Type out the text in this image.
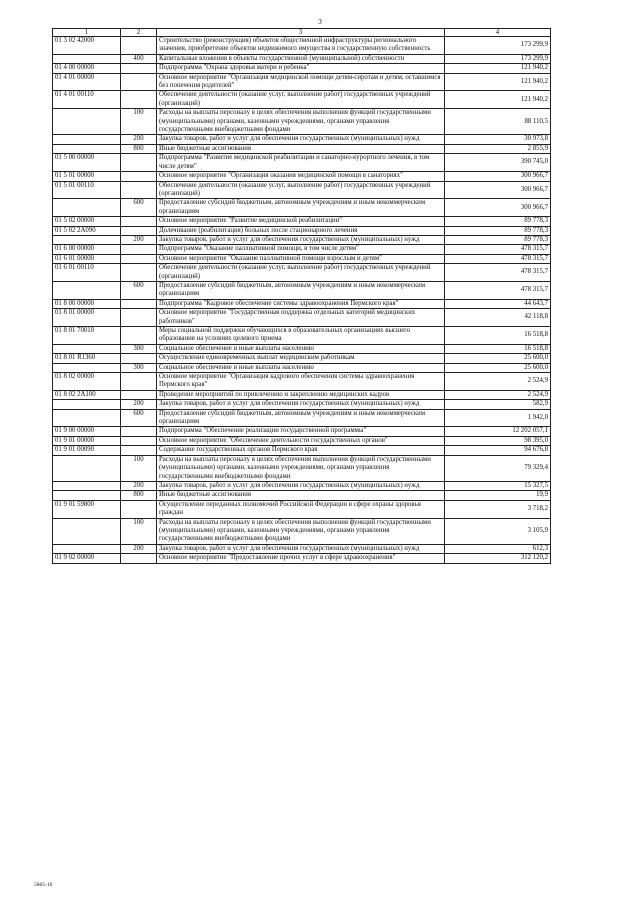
3
1	2	3	4
01 3 02 42000		Строительство (реконструкция) объектов общественной инфраструктуры регионального значения, приобретение объектов недвижимого имущества в государственную собственность	173 299,9
	400	Капитальные вложения в объекты государственной (муниципальной) собственности	173 299,9
01 4 00 00000		Подпрограмма "Охрана здоровья матери и ребенка"	121 940,2
01 4 01 00000		Основное мероприятие "Организация медицинской помощи детям-сиротам и детям, оставшимся без попечения родителей"	121 940,2
01 4 01 00110		Обеспечение деятельности (оказание услуг, выполнение работ) государственных учреждений (организаций)	121 940,2
	100	Расходы на выплаты персоналу в целях обеспечения выполнения функций государственными (муниципальными) органами, казенными учреждениями, органами управления государственными внебюджетными фондами	88 110,5
	200	Закупка товаров, работ и услуг для обеспечения государственных (муниципальных) нужд	30 973,8
	800	Иные бюджетные ассигнования	2 855,9
01 5 00 00000		Подпрограмма "Развитие медицинской реабилитации и санаторно-курортного лечения, в том числе детям"	390 745,0
01 5 01 00000		Основное мероприятие "Организация оказания медицинской помощи в санаториях"	300 966,7
01 5 01 00110		Обеспечение деятельности (оказание услуг, выполнение работ) государственных учреждений (организаций)	300 966,7
	600	Предоставление субсидий бюджетным, автономным учреждениям и иным некоммерческим организациям	300 966,7
01 5 02 00000		Основное мероприятие "Развитие медицинской реабилитации"	89 778,3
01 5 02 2А090		Долечивание (реабилитация) больных после стационарного лечения	89 778,3
	200	Закупка товаров, работ и услуг для обеспечения государственных (муниципальных) нужд	89 778,3
01 6 00 00000		Подпрограмма "Оказание паллиативной помощи, в том числе детям"	478 315,7
01 6 01 00000		Основное мероприятие "Оказание паллиативной помощи взрослым и детям"	478 315,7
01 6 01 00110		Обеспечение деятельности (оказание услуг, выполнение работ) государственных учреждений (организаций)	478 315,7
	600	Предоставление субсидий бюджетным, автономным учреждениям и иным некоммерческим организациям	478 315,7
01 8 00 00000		Подпрограмма "Кадровое обеспечение системы здравоохранения Пермского края"	44 643,7
01 8 01 00000		Основное мероприятие "Государственная поддержка отдельных категорий медицинских работников"	42 118,8
01 8 01 70010		Меры социальной поддержки обучающихся в образовательных организациях высшего образования на условиях целевого приема	16 518,8
	300	Социальное обеспечение и иные выплаты населению	16 518,8
01 8 01 R1360		Осуществление единовременных выплат медицинским работникам	25 600,0
	300	Социальное обеспечение и иные выплаты населению	25 600,0
01 8 02 00000		Основное мероприятие "Организация кадрового обеспечения системы здравоохранения Пермского края"	2 524,9
01 8 02 2А100		Проведение мероприятий по привлечению и закреплению медицинских кадров	2 524,9
	200	Закупка товаров, работ и услуг для обеспечения государственных (муниципальных) нужд	582,9
	600	Предоставление субсидий бюджетным, автономным учреждениям и иным некоммерческим организациям	1 942,0
01 9 00 00000		Подпрограмма "Обеспечение реализации государственной программы"	12 202 057,1
01 9 01 00000		Основное мероприятие "Обеспечение деятельности государственных органов"	98 395,0
01 9 01 00090		Содержание государственных органов Пермского края	94 676,8
	100	Расходы на выплаты персоналу в целях обеспечения выполнения функций государственными (муниципальными) органами, казенными учреждениями, органами управления государственными внебюджетными фондами	79 329,4
	200	Закупка товаров, работ и услуг для обеспечения государственных (муниципальных) нужд	15 327,5
	800	Иные бюджетные ассигнования	19,9
01 9 01 59800		Осуществление переданных полномочий Российской Федерации в сфере охраны здоровья граждан	3 718,2
	100	Расходы на выплаты персоналу в целях обеспечения выполнения функций государственными (муниципальными) органами, казенными учреждениями, органами управления государственными внебюджетными фондами	3 105,9
	200	Закупка товаров, работ и услуг для обеспечения государственных (муниципальных) нужд	612,3
01 9 02 00000		Основное мероприятие "Предоставление прочих услуг в сфере здравоохранения"	312 120,2
5865-16
